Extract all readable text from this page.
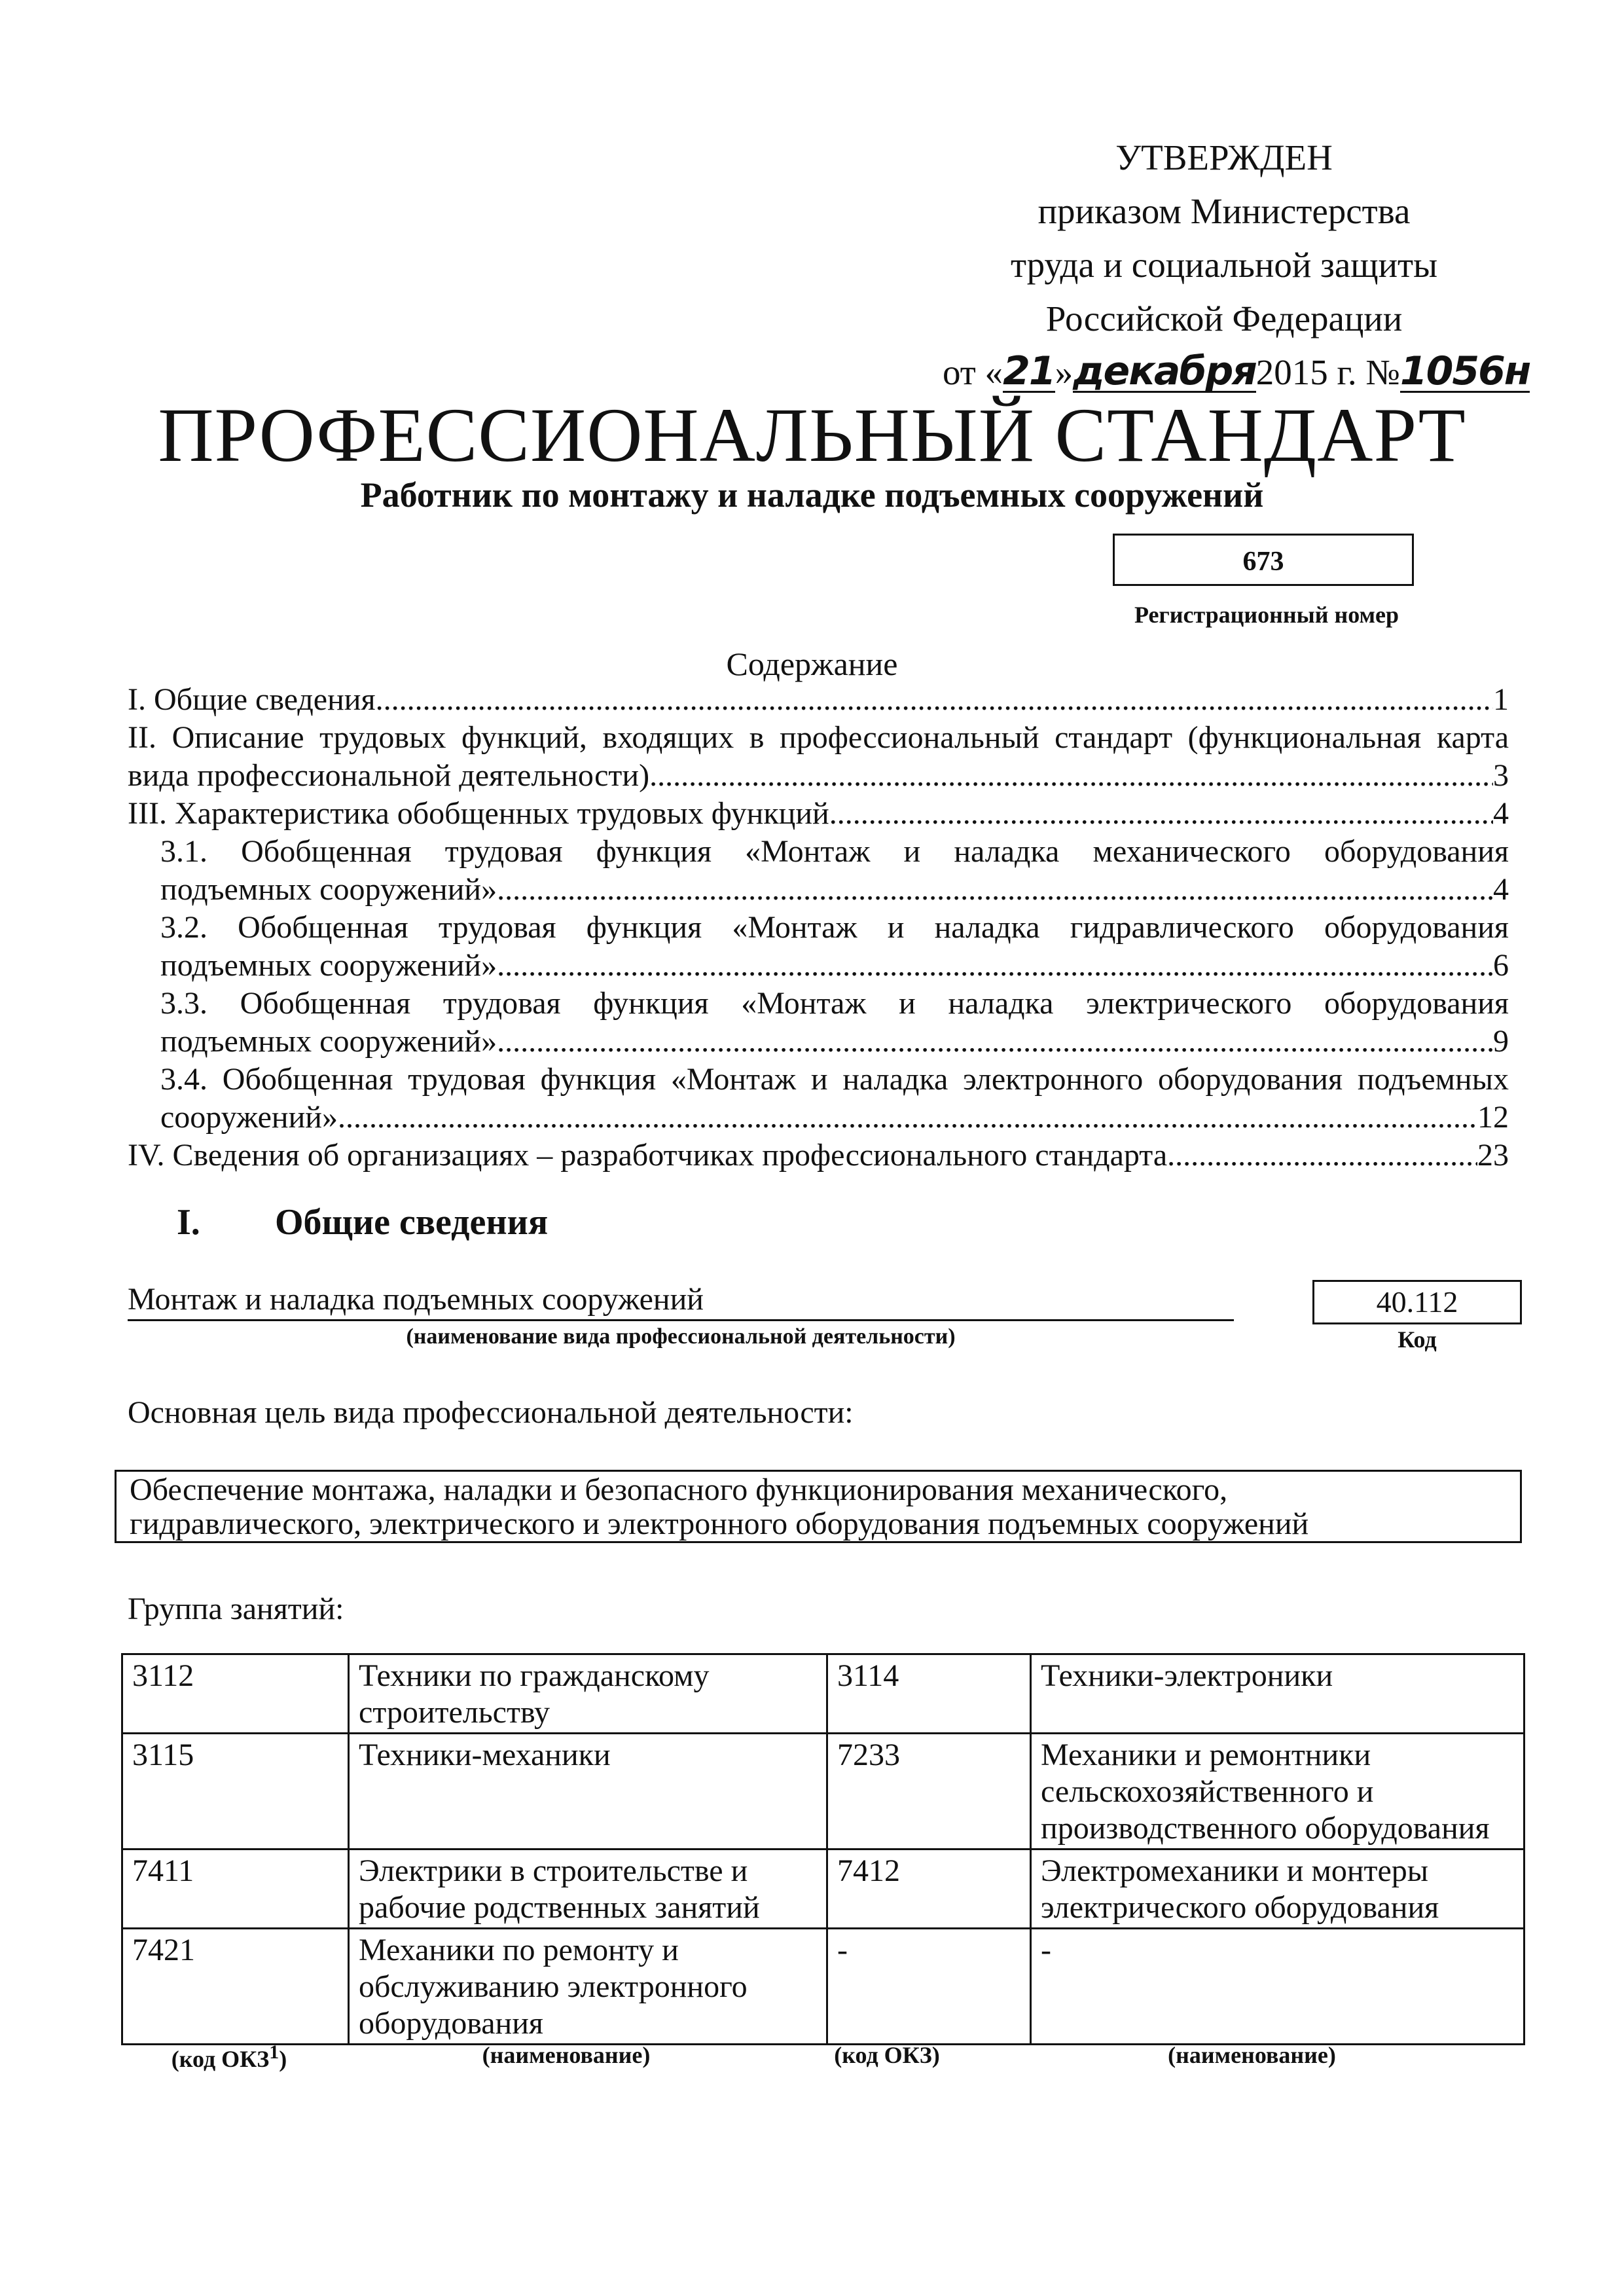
УТВЕРЖДЕН
приказом Министерства
труда и социальной защиты
Российской Федерации
от «21»декабря2015 г. №1056н
ПРОФЕССИОНАЛЬНЫЙ СТАНДАРТ
Работник по монтажу и наладке подъемных сооружений
673
Регистрационный номер
Содержание
I. Общие сведения .....	1
II. Описание трудовых функций, входящих в профессиональный стандарт (функциональная карта
вида профессиональной деятельности) .....	3
III. Характеристика обобщенных трудовых функций .....	4
3.1. Обобщенная трудовая функция «Монтаж и наладка механического оборудования
подъемных сооружений» .....	4
3.2. Обобщенная трудовая функция «Монтаж и наладка гидравлического оборудования
подъемных сооружений» .....	6
3.3. Обобщенная трудовая функция «Монтаж и наладка электрического оборудования
подъемных сооружений» .....	9
3.4. Обобщенная трудовая функция «Монтаж и наладка электронного оборудования подъемных
сооружений» .....	12
IV. Сведения об организациях – разработчиках профессионального стандарта .....	23
I. Общие сведения
Монтаж и наладка подъемных сооружений
(наименование вида профессиональной деятельности)
40.112
Код
Основная цель вида профессиональной деятельности:
Обеспечение монтажа, наладки и безопасного функционирования механического,
гидравлического, электрического и электронного оборудования подъемных сооружений
Группа занятий:
3112	Техники по гражданскому строительству	3114	Техники-электроники
3115	Техники-механики	7233	Механики и ремонтники сельскохозяйственного и производственного оборудования
7411	Электрики в строительстве и рабочие родственных занятий	7412	Электромеханики и монтеры электрического оборудования
7421	Механики по ремонту и обслуживанию электронного оборудования	-	-
(код ОКЗ$^1$)	(наименование)	(код ОКЗ)	(наименование)
